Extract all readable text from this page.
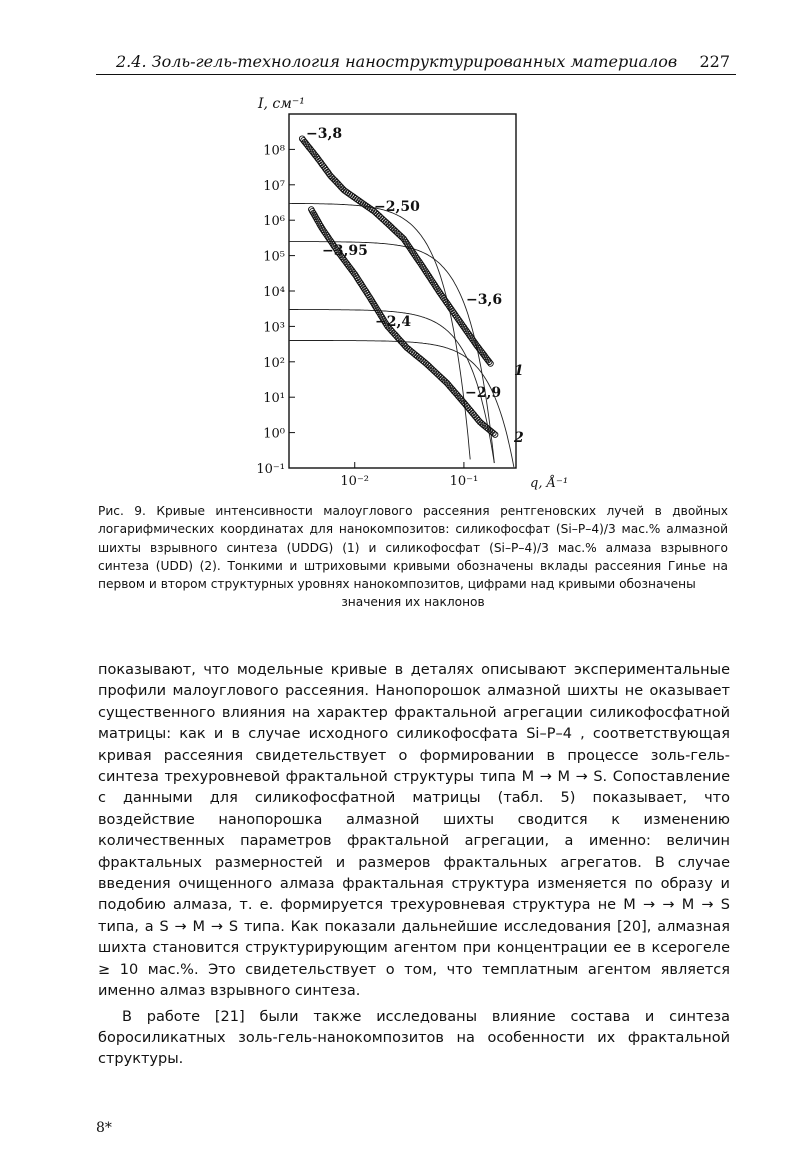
2.4. Золь-гель-технология наноструктурированных материалов 227
10⁸
10⁷
10⁶
10⁵
10⁴
10³
10²
10¹
10⁰
10⁻¹
10⁻²	10⁻¹
I, см⁻¹
q, Å⁻¹
−3,8
−2,50
−3,95
−3,6
−2,4
−2,9
1
2
Рис. 9. Кривые интенсивности малоуглового рассеяния рентгеновских лучей в двойных логарифмических координатах для нанокомпозитов: силикофосфат (Si–P–4)/3 мас.% алмазной шихты взрывного синтеза (UDDG) (1) и силикофосфат (Si–P–4)/3 мас.% алмаза взрывного синтеза (UDD) (2). Тонкими и штриховыми кривыми обозначены вклады рассеяния Гинье на первом и втором структурных уровнях нанокомпозитов, цифрами над кривыми обозначены
значения их наклонов

показывают, что модельные кривые в деталях описывают экспериментальные профили малоуглового рассеяния. Нанопорошок алмазной шихты не оказывает существенного влияния на характер фрактальной агрегации силикофосфатной матрицы: как и в случае исходного силикофосфата Si–P–4 , соответствующая кривая рассеяния свидетельствует о формировании в процессе золь-гель-синтеза трехуровневой фрактальной структуры типа M → M → S. Сопоставление с данными для силикофосфатной матрицы (табл. 5) показывает, что воздействие нанопорошка алмазной шихты сводится к изменению количественных параметров фрактальной агрегации, а именно: величин фрактальных размерностей и размеров фрактальных агрегатов. В случае введения очищенного алмаза фрактальная структура изменяется по образу и подобию алмаза, т. е. формируется трехуровневая структура не M → → M → S типа, а S → M → S типа. Как показали дальнейшие исследования [20], алмазная шихта становится структурирующим агентом при концентрации ее в ксерогеле ≥ 10 мас.%. Это свидетельствует о том, что темплатным агентом является именно алмаз взрывного синтеза.

В работе [21] были также исследованы влияние состава и синтеза боросиликатных золь-гель-нанокомпозитов на особенности их фрактальной структуры.

8*
